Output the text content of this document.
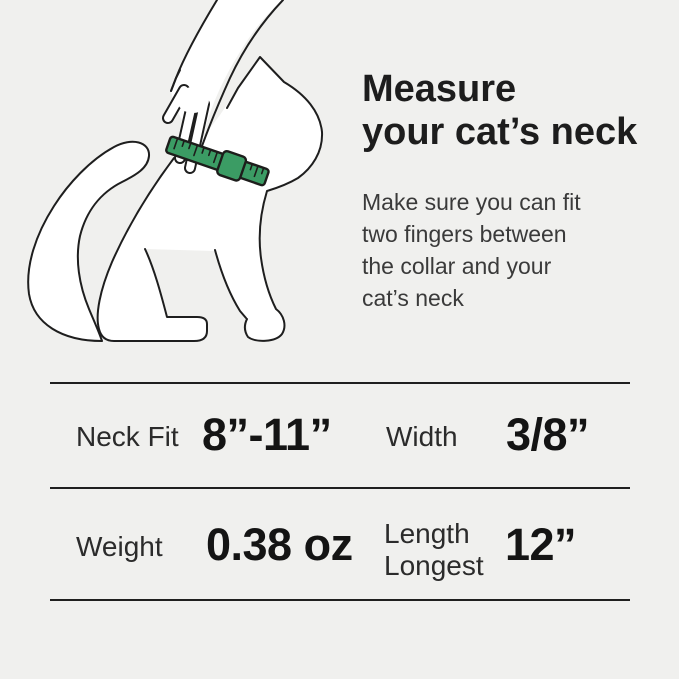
Measure
your cat’s neck
Make sure you can fit
two fingers between
the collar and your
cat’s neck
Neck Fit 8”-11” Width 3/8”
Weight 0.38 oz Length
Longest 12”
